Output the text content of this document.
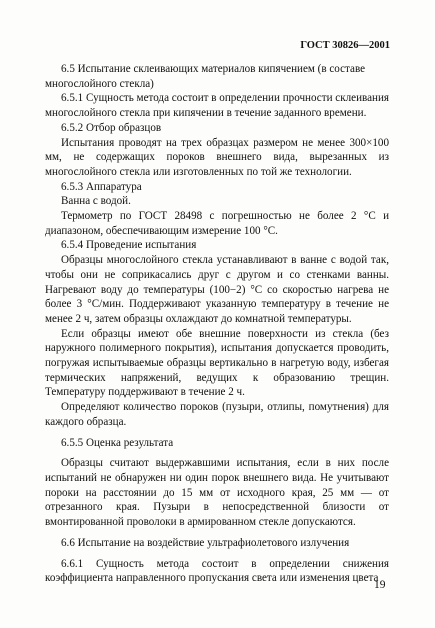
ГОСТ 30826—2001
6.5 Испытание склеивающих материалов кипячением (в составе многослойного стекла)
6.5.1 Сущность метода состоит в определении прочности склеивания многослойного стекла при кипячении в течение заданного времени.
6.5.2 Отбор образцов
Испытания проводят на трех образцах размером не менее 300×100 мм, не содержащих пороков внешнего вида, вырезанных из многослойного стекла или изготовленных по той же технологии.
6.5.3 Аппаратура
Ванна с водой.
Термометр по ГОСТ 28498 с погрешностью не более 2 °С и диапазоном, обеспечивающим измерение 100 °С.
6.5.4 Проведение испытания
Образцы многослойного стекла устанавливают в ванне с водой так, чтобы они не соприкасались друг с другом и со стенками ванны. Нагревают воду до температуры (100−2) °С со скоростью нагрева не более 3 °С/мин. Поддерживают указанную температуру в течение не менее 2 ч, затем образцы охлаждают до комнатной температуры.
Если образцы имеют обе внешние поверхности из стекла (без наружного полимерного покрытия), испытания допускается проводить, погружая испытываемые образцы вертикально в нагретую воду, избегая термических напряжений, ведущих к образованию трещин. Температуру поддерживают в течение 2 ч.
Определяют количество пороков (пузыри, отлипы, помутнения) для каждого образца.
6.5.5 Оценка результата
Образцы считают выдержавшими испытания, если в них после испытаний не обнаружен ни один порок внешнего вида. Не учитывают пороки на расстоянии до 15 мм от исходного края, 25 мм — от отрезанного края. Пузыри в непосредственной близости от вмонтированной проволоки в армированном стекле допускаются.
6.6 Испытание на воздействие ультрафиолетового излучения
6.6.1 Сущность метода состоит в определении снижения коэффициента направленного пропускания света или изменения цвета
19
